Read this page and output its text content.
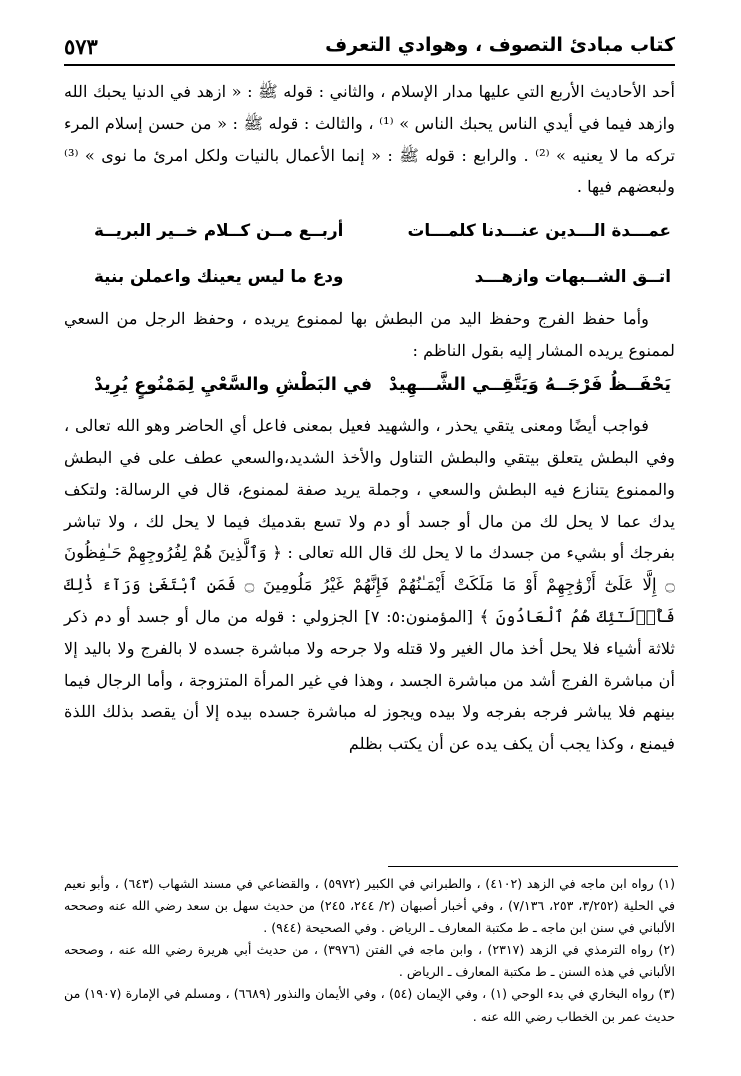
كتاب مبادئ التصوف ، وهوادي التعرف
٥٧٣

أحد الأحاديث الأربع التي عليها مدار الإسلام ، والثاني : قوله ﷺ : « ازهد في الدنيا يحبك الله وازهد فيما في أيدي الناس يحبك الناس » ⁽¹⁾ ، والثالث : قوله ﷺ : « من حسن إسلام المرء تركه ما لا يعنيه » ⁽²⁾ . والرابع : قوله ﷺ : « إنما الأعمال بالنيات ولكل امرئ ما نوى » ⁽³⁾ ولبعضهم فيها .

عمـــدة الـــدين عنـــدنا كلمـــات
أربــع مــن كــلام خــير البريــة
اتــق الشــبهات وازهـــد
ودع ما ليس يعينك واعملن بنية

وأما حفظ الفرج وحفظ اليد من البطش بها لممنوع يريده ، وحفظ الرجل من السعي لممنوع يريده المشار إليه بقول الناظم :

يَحْفَــظُ فَرْجَــهُ وَيَتَّقِــي الشَّـــهِيدْ
في البَطْشِ والسَّعْيِ لِمَمْنُوعٍ يُرِيدْ

فواجب أيضًا ومعنى يتقي يحذر ، والشهيد فعيل بمعنى فاعل أي الحاضر وهو الله تعالى ، وفي البطش يتعلق بيتقي والبطش التناول والأخذ الشديد،والسعي عطف على في البطش والممنوع يتنازع فيه البطش والسعي ، وجملة يريد صفة لممنوع، قال في الرسالة: ولتكف يدك عما لا يحل لك من مال أو جسد أو دم ولا تسع بقدميك فيما لا يحل لك ، ولا تباشر بفرجك أو بشيء من جسدك ما لا يحل لك قال الله تعالى : ﴿ وَٱلَّذِينَ هُمْ لِفُرُوجِهِمْ حَـٰفِظُونَ ۝ إِلَّا عَلَىٰٓ أَزْوَٰجِهِمْ أَوْ مَا مَلَكَتْ أَيْمَـٰنُهُمْ فَإِنَّهُمْ غَيْرُ مَلُومِينَ ۝ فَمَنِ ٱبْتَغَىٰ وَرَآءَ ذَٰلِكَ فَأُو۟لَـٰٓئِكَ هُمُ ٱلْعَادُونَ ﴾ [المؤمنون:٥: ٧] الجزولي : قوله من مال أو جسد أو دم ذكر ثلاثة أشياء فلا يحل أخذ مال الغير ولا قتله ولا جرحه ولا مباشرة جسده لا بالفرج ولا باليد إلا أن مباشرة الفرج أشد من مباشرة الجسد ، وهذا في غير المرأة المتزوجة ، وأما الرجال فيما بينهم فلا يباشر فرجه بفرجه ولا بيده ويجوز له مباشرة جسده بيده إلا أن يقصد بذلك اللذة فيمنع ، وكذا يجب أن يكف يده عن أن يكتب بظلم

(١) رواه ابن ماجه في الزهد (٤١٠٢) ، والطبراني في الكبير (٥٩٧٢) ، والقضاعي في مسند الشهاب (٦٤٣) ، وأبو نعيم في الحلية (٣/٢٥٢، ٢٥٣، ٧/١٣٦) ، وفي أخبار أصبهان (٢/ ٢٤٤، ٢٤٥) من حديث سهل بن سعد رضي الله عنه وصححه الألباني في سنن ابن ماجه ـ ط مكتبة المعارف ـ الرياض . وفي الصحيحة (٩٤٤) .

(٢) رواه الترمذي في الزهد (٢٣١٧) ، وابن ماجه في الفتن (٣٩٧٦) ، من حديث أبي هريرة رضي الله عنه ، وصححه الألباني في هذه السنن ـ ط مكتبة المعارف ـ الرياض .

(٣) رواه البخاري في بدء الوحي (١) ، وفي الإيمان (٥٤) ، وفي الأيمان والنذور (٦٦٨٩) ، ومسلم في الإمارة (١٩٠٧) من حديث عمر بن الخطاب رضي الله عنه .
